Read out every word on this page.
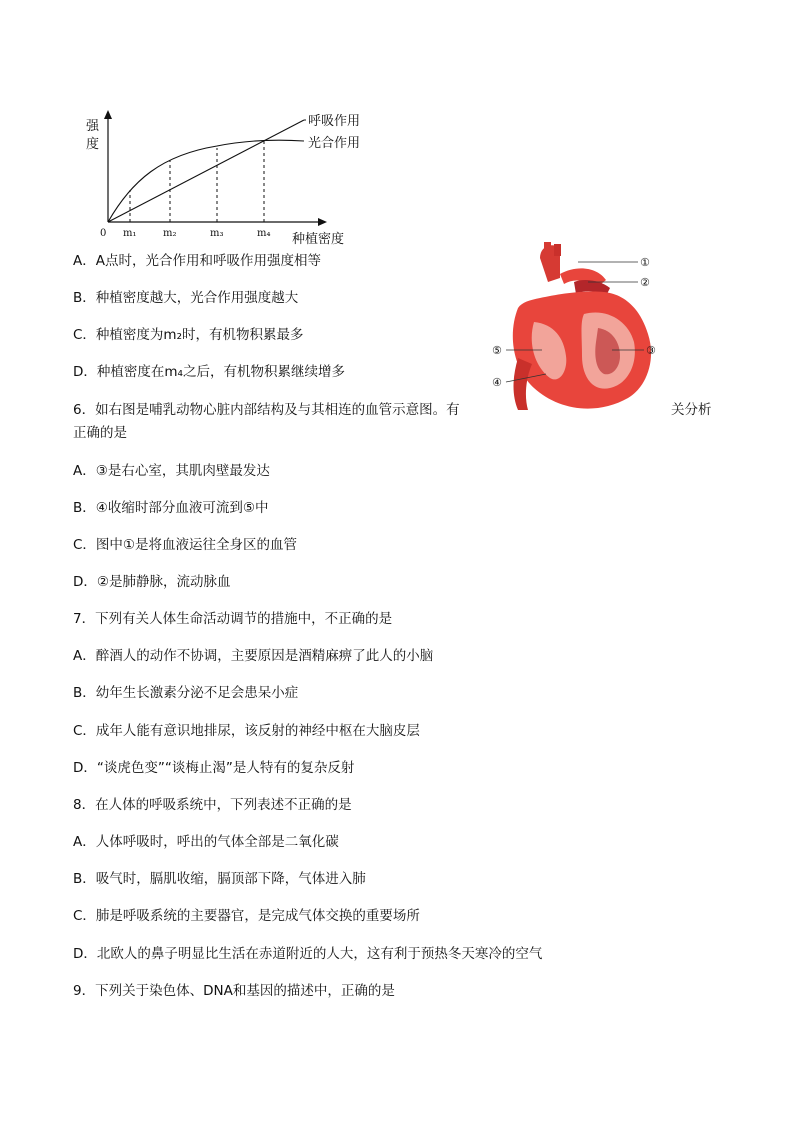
强
度
0
呼吸作用
光合作用
m₁	m₂	m₃	m₄ 种植密度
A．A点时，光合作用和呼吸作用强度相等
B．种植密度越大，光合作用强度越大
C．种植密度为m₂时，有机物积累最多
D．种植密度在m₄之后，有机物积累继续增多
6．如右图是哺乳动物心脏内部结构及与其相连的血管示意图。有	关分析
正确的是
A．③是右心室，其肌肉壁最发达
B．④收缩时部分血液可流到⑤中
C．图中①是将血液运往全身区的血管
D．②是肺静脉，流动脉血
7．下列有关人体生命活动调节的措施中，不正确的是
A．醉酒人的动作不协调，主要原因是酒精麻痹了此人的小脑
B．幼年生长激素分泌不足会患呆小症
C．成年人能有意识地排尿，该反射的神经中枢在大脑皮层
D．“谈虎色变”“谈梅止渴”是人特有的复杂反射
8．在人体的呼吸系统中，下列表述不正确的是
A．人体呼吸时，呼出的气体全部是二氧化碳
B．吸气时，膈肌收缩，膈顶部下降，气体进入肺
C．肺是呼吸系统的主要器官，是完成气体交换的重要场所
D．北欧人的鼻子明显比生活在赤道附近的人大，这有利于预热冬天寒冷的空气
9．下列关于染色体、DNA和基因的描述中，正确的是
①
②
③
④
⑤
